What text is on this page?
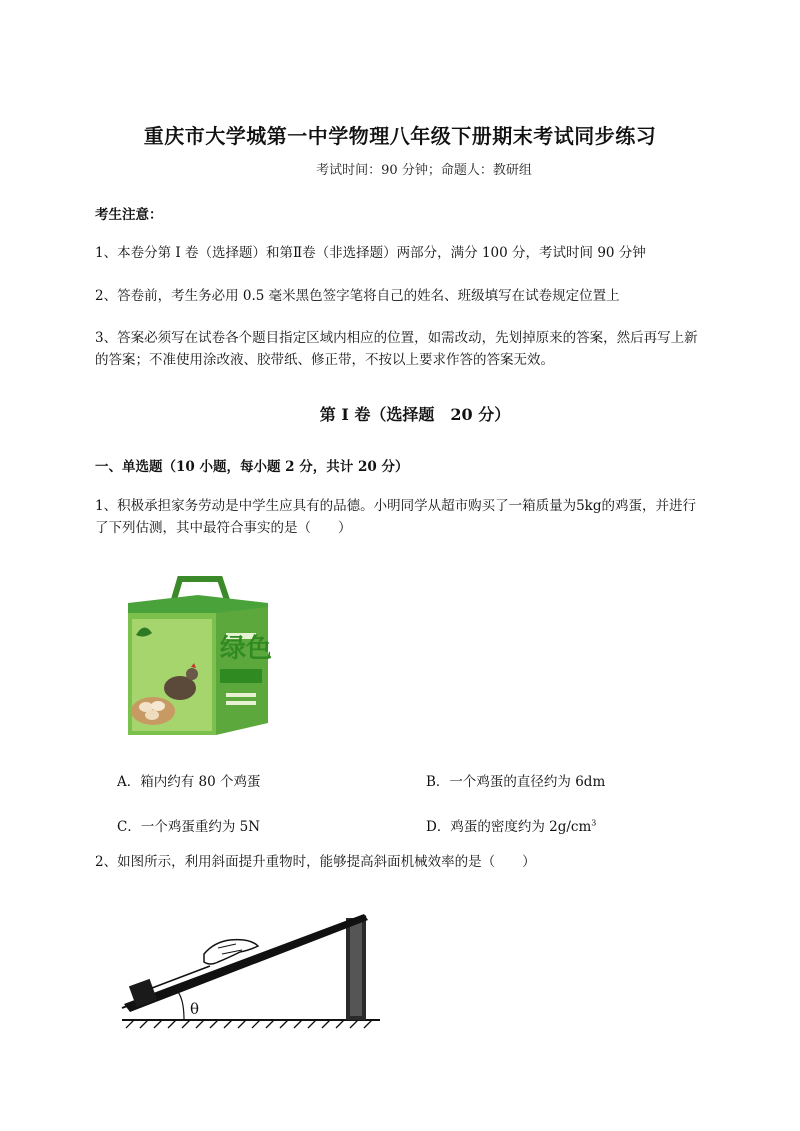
重庆市大学城第一中学物理八年级下册期末考试同步练习
考试时间：90 分钟；命题人：教研组
考生注意：
1、本卷分第 I 卷（选择题）和第Ⅱ卷（非选择题）两部分，满分 100 分，考试时间 90 分钟
2、答卷前，考生务必用 0.5 毫米黑色签字笔将自己的姓名、班级填写在试卷规定位置上
3、答案必须写在试卷各个题目指定区域内相应的位置，如需改动，先划掉原来的答案，然后再写上新的答案；不准使用涂改液、胶带纸、修正带，不按以上要求作答的答案无效。
第 I 卷（选择题　20 分）
一、单选题（10 小题，每小题 2 分，共计 20 分）
1、积极承担家务劳动是中学生应具有的品德。小明同学从超市购买了一箱质量为5kg的鸡蛋，并进行了下列估测，其中最符合事实的是（　　）
绿色
A．箱内约有 80 个鸡蛋	B．一个鸡蛋的直径约为 6dm
C．一个鸡蛋重约为 5N	D．鸡蛋的密度约为 $2g/cm^3$
2、如图所示，利用斜面提升重物时，能够提高斜面机械效率的是（　　）
θ
